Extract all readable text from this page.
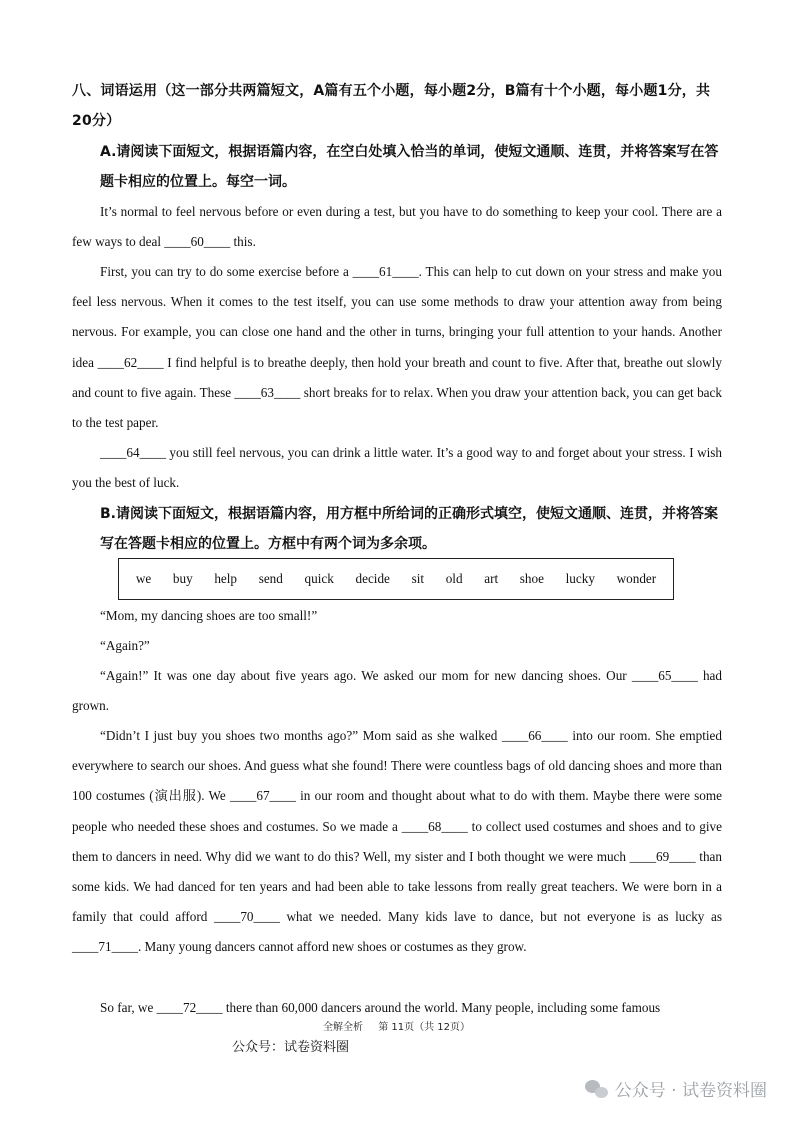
八、词语运用（这一部分共两篇短文，A篇有五个小题，每小题2分，B篇有十个小题，每小题1分，共20分）
A.请阅读下面短文，根据语篇内容，在空白处填入恰当的单词，使短文通顺、连贯，并将答案写在答题卡相应的位置上。每空一词。
It’s normal to feel nervous before or even during a test, but you have to do something to keep your cool. There are a few ways to deal ____60____ this.
First, you can try to do some exercise before a ____61____. This can help to cut down on your stress and make you feel less nervous. When it comes to the test itself, you can use some methods to draw your attention away from being nervous. For example, you can close one hand and the other in turns, bringing your full attention to your hands. Another idea ____62____ I find helpful is to breathe deeply, then hold your breath and count to five. After that, breathe out slowly and count to five again. These ____63____ short breaks for to relax. When you draw your attention back, you can get back to the test paper.
____64____ you still feel nervous, you can drink a little water. It’s a good way to and forget about your stress. I wish you the best of luck.
B.请阅读下面短文，根据语篇内容，用方框中所给词的正确形式填空，使短文通顺、连贯，并将答案写在答题卡相应的位置上。方框中有两个词为多余项。
we buy help send quick decide sit old art shoe lucky wonder
“Mom, my dancing shoes are too small!”
“Again?”
“Again!” It was one day about five years ago. We asked our mom for new dancing shoes. Our ____65____ had grown.
“Didn’t I just buy you shoes two months ago?” Mom said as she walked ____66____ into our room. She emptied everywhere to search our shoes. And guess what she found! There were countless bags of old dancing shoes and more than 100 costumes (演出服). We ____67____ in our room and thought about what to do with them. Maybe there were some people who needed these shoes and costumes. So we made a ____68____ to collect used costumes and shoes and to give them to dancers in need. Why did we want to do this? Well, my sister and I both thought we were much ____69____ than some kids. We had danced for ten years and had been able to take lessons from really great teachers. We were born in a family that could afford ____70____ what we needed. Many kids lave to dance, but not everyone is as lucky as ____71____. Many young dancers cannot afford new shoes or costumes as they grow.
So far, we ____72____ there than 60,000 dancers around the world. Many people, including some famous
全解全析 第 11页（共 12页）
公众号：试卷资料圈
公众号 · 试卷资料圈
